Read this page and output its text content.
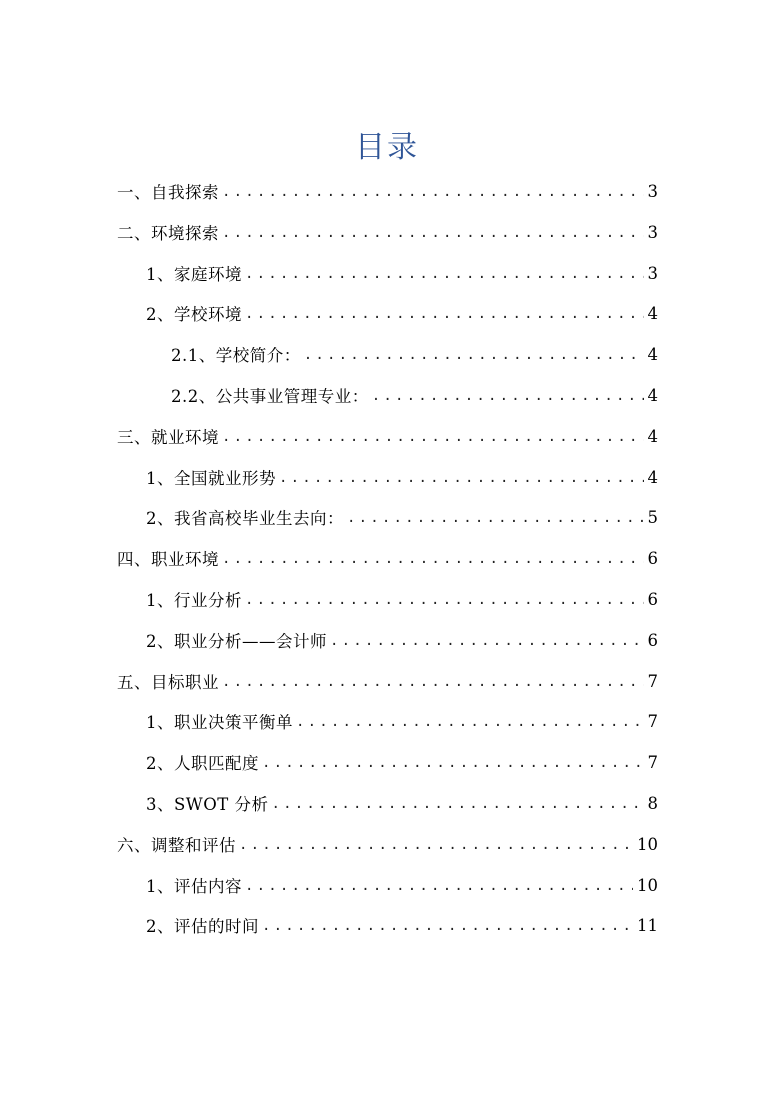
目录
一、自我探索 .....	3
二、环境探索 .....	3
1、家庭环境 .....	3
2、学校环境 .....	4
2.1、学校简介： .....	4
2.2、公共事业管理专业： .....	4
三、就业环境 .....	4
1、全国就业形势 .....	4
2、我省高校毕业生去向： .....	5
四、职业环境 .....	6
1、行业分析 .....	6
2、职业分析——会计师 .....	6
五、目标职业 .....	7
1、职业决策平衡单 .....	7
2、人职匹配度 .....	7
3、SWOT 分析 .....	8
六、调整和评估 .....	10
1、评估内容 .....	10
2、评估的时间 .....	11
